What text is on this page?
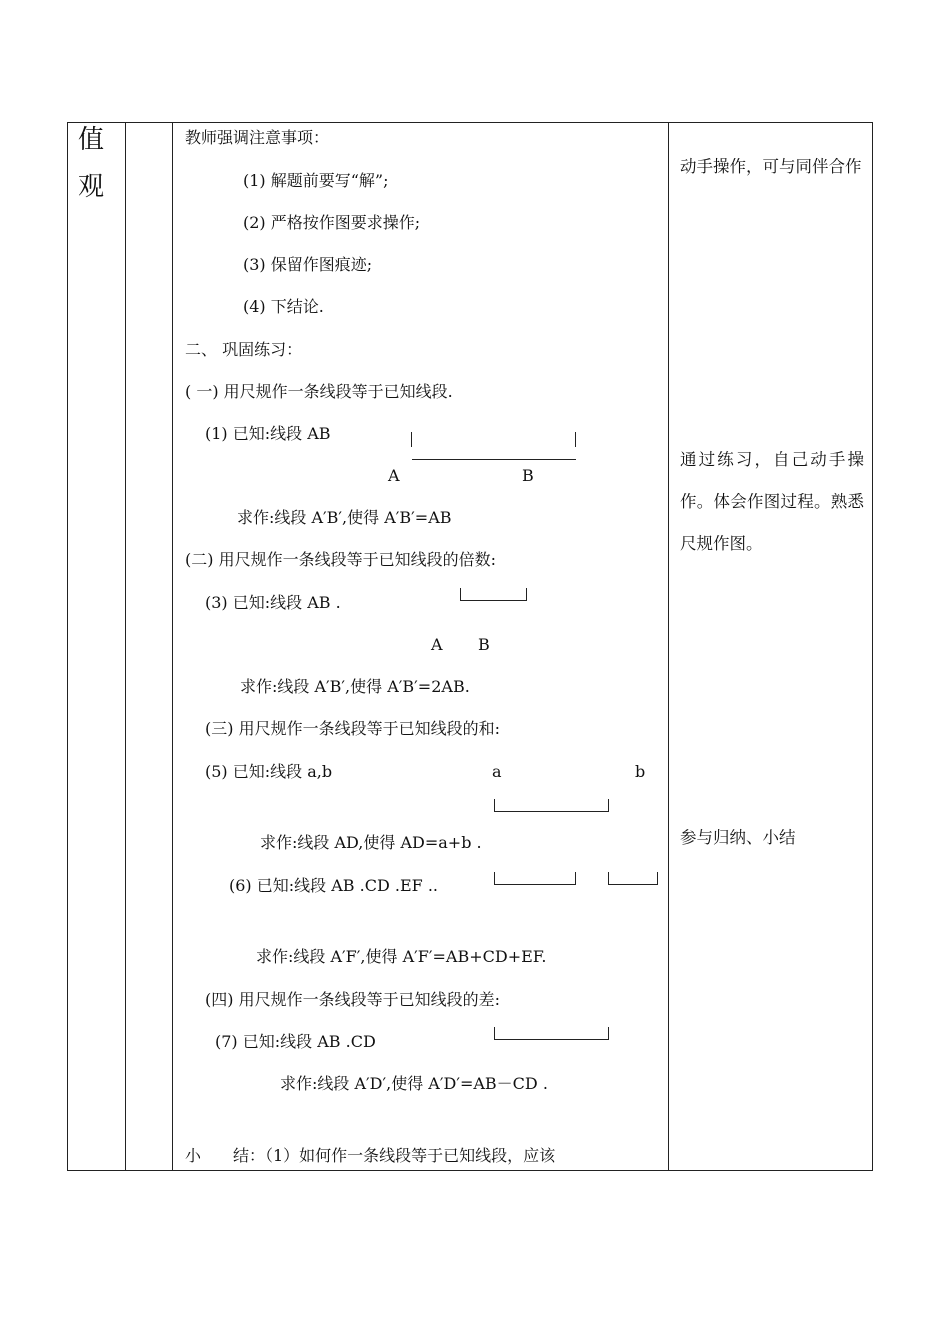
值
观
教师强调注意事项：
(1) 解题前要写“解”;
(2) 严格按作图要求操作;
(3) 保留作图痕迹;
(4) 下结论.
二、 巩固练习：
( 一) 用尺规作一条线段等于已知线段.
(1) 已知:线段 AB
A	B
求作:线段 A′B′,使得 A′B′=AB
(二) 用尺规作一条线段等于已知线段的倍数:
(3) 已知:线段 AB .
A B
求作:线段 A′B′,使得 A′B′=2AB.
(三) 用尺规作一条线段等于已知线段的和:
(5) 已知:线段 a,b	a	b
求作:线段 AD,使得 AD=a+b .
(6) 已知:线段 AB .CD .EF ..
求作:线段 A′F′,使得 A′F′=AB+CD+EF.
(四) 用尺规作一条线段等于已知线段的差:
(7) 已知:线段 AB .CD
求作:线段 A′D′,使得 A′D′=AB－CD .
小　　结：（1）如何作一条线段等于已知线段，应该
动手操作，可与同伴合作
通过练习，自己动手操作。体会作图过程。熟悉尺规作图。
参与归纳、小结
